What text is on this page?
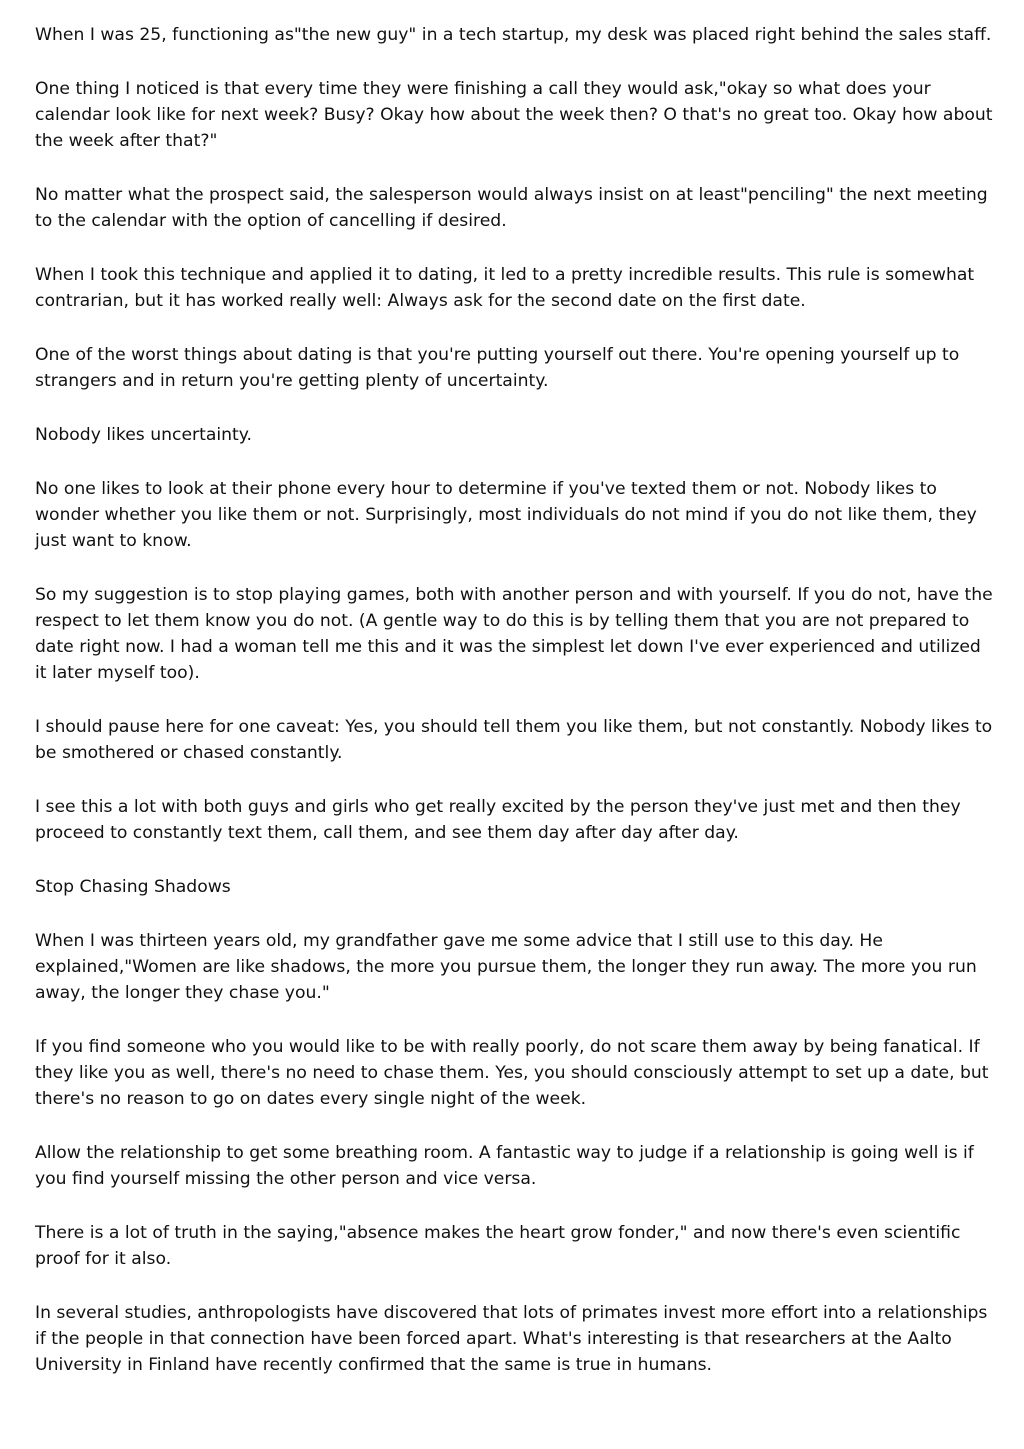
When I was 25, functioning as"the new guy" in a tech startup, my desk was placed right behind the sales staff.

One thing I noticed is that every time they were finishing a call they would ask,"okay so what does your calendar look like for next week? Busy? Okay how about the week then? O that's no great too. Okay how about the week after that?"

No matter what the prospect said, the salesperson would always insist on at least"penciling" the next meeting to the calendar with the option of cancelling if desired.

When I took this technique and applied it to dating, it led to a pretty incredible results. This rule is somewhat contrarian, but it has worked really well: Always ask for the second date on the first date.

One of the worst things about dating is that you're putting yourself out there. You're opening yourself up to strangers and in return you're getting plenty of uncertainty.

Nobody likes uncertainty.

No one likes to look at their phone every hour to determine if you've texted them or not. Nobody likes to wonder whether you like them or not. Surprisingly, most individuals do not mind if you do not like them, they just want to know.

So my suggestion is to stop playing games, both with another person and with yourself. If you do not, have the respect to let them know you do not. (A gentle way to do this is by telling them that you are not prepared to date right now. I had a woman tell me this and it was the simplest let down I've ever experienced and utilized it later myself too).

I should pause here for one caveat: Yes, you should tell them you like them, but not constantly. Nobody likes to be smothered or chased constantly.

I see this a lot with both guys and girls who get really excited by the person they've just met and then they proceed to constantly text them, call them, and see them day after day after day.

Stop Chasing Shadows

When I was thirteen years old, my grandfather gave me some advice that I still use to this day. He explained,"Women are like shadows, the more you pursue them, the longer they run away. The more you run away, the longer they chase you."

If you find someone who you would like to be with really poorly, do not scare them away by being fanatical. If they like you as well, there's no need to chase them. Yes, you should consciously attempt to set up a date, but there's no reason to go on dates every single night of the week.

Allow the relationship to get some breathing room. A fantastic way to judge if a relationship is going well is if you find yourself missing the other person and vice versa.

There is a lot of truth in the saying,"absence makes the heart grow fonder," and now there's even scientific proof for it also.

In several studies, anthropologists have discovered that lots of primates invest more effort into a relationships if the people in that connection have been forced apart. What's interesting is that researchers at the Aalto University in Finland have recently confirmed that the same is true in humans.
